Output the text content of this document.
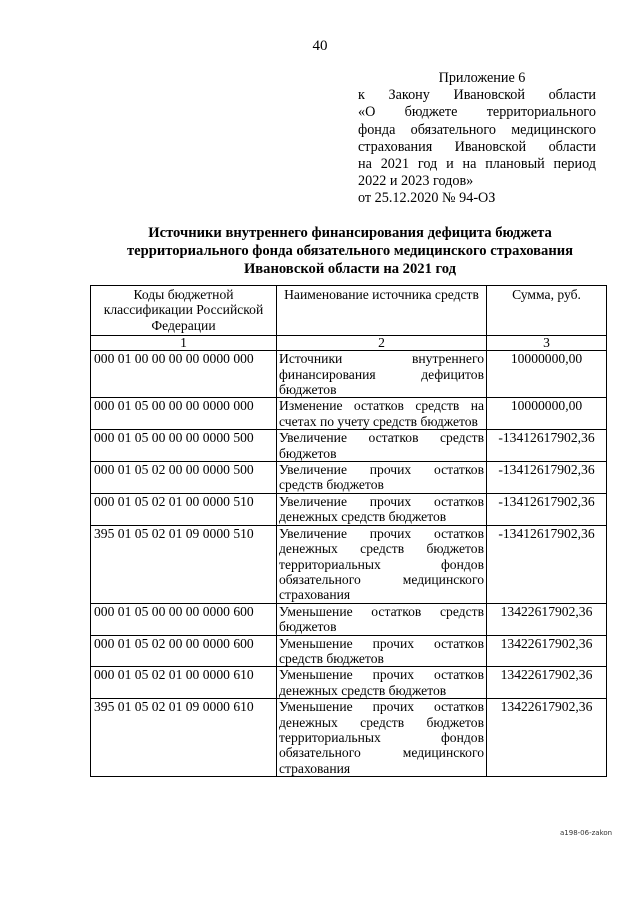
40
Приложение 6
к Закону Ивановской области
«О бюджете территориального
фонда обязательного медицинского
страхования Ивановской области
на 2021 год и на плановый период
2022 и 2023 годов»
от 25.12.2020 № 94-ОЗ
Источники внутреннего финансирования дефицита бюджета
территориального фонда обязательного медицинского страхования
Ивановской области на 2021 год
Коды бюджетной классификации Российской Федерации	Наименование источника средств	Сумма, руб.
1	2	3
000 01 00 00 00 00 0000 000	Источники внутреннего финансирования дефицитов бюджетов	10000000,00
000 01 05 00 00 00 0000 000	Изменение остатков средств на счетах по учету средств бюджетов	10000000,00
000 01 05 00 00 00 0000 500	Увеличение остатков средств бюджетов	-13412617902,36
000 01 05 02 00 00 0000 500	Увеличение прочих остатков средств бюджетов	-13412617902,36
000 01 05 02 01 00 0000 510	Увеличение прочих остатков денежных средств бюджетов	-13412617902,36
395 01 05 02 01 09 0000 510	Увеличение прочих остатков денежных средств бюджетов территориальных фондов обязательного медицинского страхования	-13412617902,36
000 01 05 00 00 00 0000 600	Уменьшение остатков средств бюджетов	13422617902,36
000 01 05 02 00 00 0000 600	Уменьшение прочих остатков средств бюджетов	13422617902,36
000 01 05 02 01 00 0000 610	Уменьшение прочих остатков денежных средств бюджетов	13422617902,36
395 01 05 02 01 09 0000 610	Уменьшение прочих остатков денежных средств бюджетов территориальных фондов обязательного медицинского страхования	13422617902,36
a198-06-zakon
